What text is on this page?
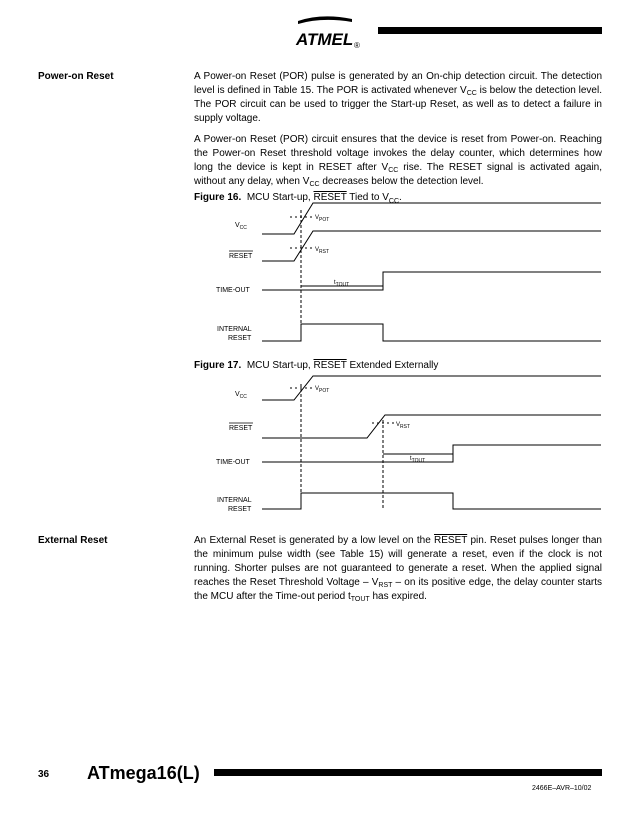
ATMEL ®
Power-on Reset	A Power-on Reset (POR) pulse is generated by an On-chip detection circuit. The detection level is defined in Table 15. The POR is activated whenever $V_{CC}$ is below the detection level. The POR circuit can be used to trigger the Start-up Reset, as well as to detect a failure in supply voltage.

A Power-on Reset (POR) circuit ensures that the device is reset from Power-on. Reaching the Power-on Reset threshold voltage invokes the delay counter, which determines how long the device is kept in RESET after $V_{CC}$ rise. The RESET signal is activated again, without any delay, when $V_{CC}$ decreases below the detection level.

Figure 16. MCU Start-up, RESET Tied to $V_{CC}$.
$V_{CC}$
RESET
TIME-OUT
INTERNAL
RESET
$V_{POT}$
$V_{RST}$
$t_{TOUT}$
Figure 17. MCU Start-up, RESET Extended Externally
$V_{CC}$
RESET
TIME-OUT
INTERNAL
RESET
$V_{POT}$
$V_{RST}$
$t_{TOUT}$
External Reset	An External Reset is generated by a low level on the RESET pin. Reset pulses longer than the minimum pulse width (see Table 15) will generate a reset, even if the clock is not running. Shorter pulses are not guaranteed to generate a reset. When the applied signal reaches the Reset Threshold Voltage – $V_{RST}$ – on its positive edge, the delay counter starts the MCU after the Time-out period $t_{TOUT}$ has expired.

36 ATmega16(L)
2466E–AVR–10/02
